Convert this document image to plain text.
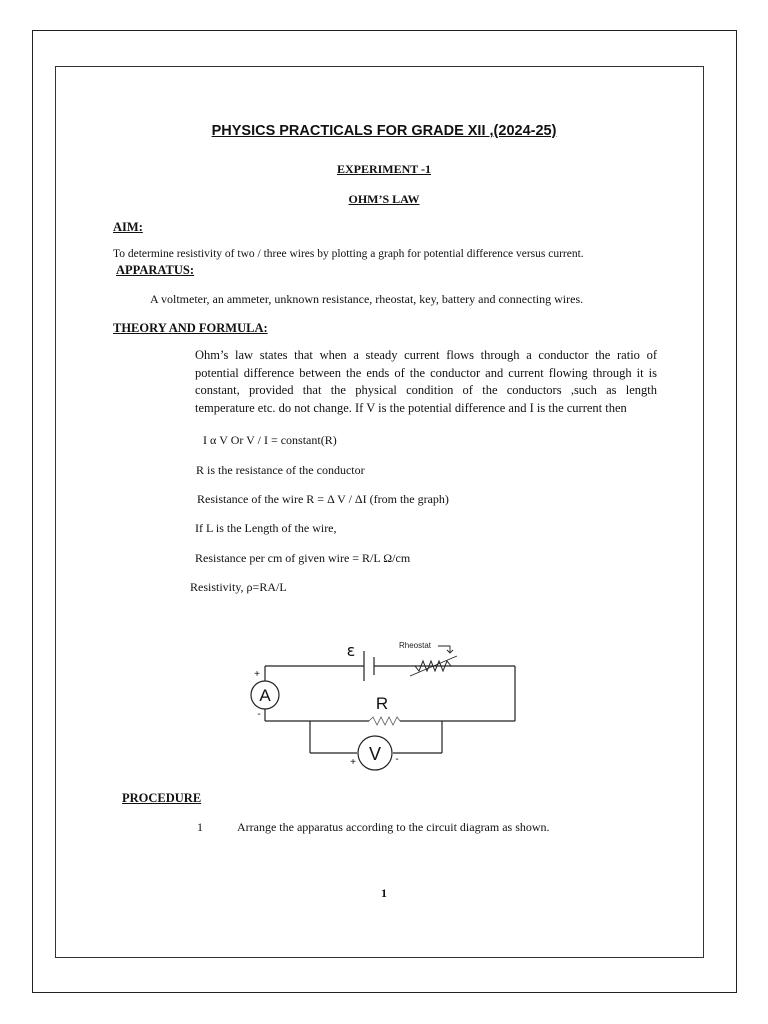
PHYSICS PRACTICALS FOR GRADE XII ,(2024-25)
EXPERIMENT -1
OHM’S LAW
AIM:
To determine resistivity of two / three wires by plotting a graph for potential difference versus current.
APPARATUS:
A voltmeter, an ammeter, unknown resistance, rheostat, key, battery and connecting wires.
THEORY AND FORMULA:
Ohm’s law states that when a steady current flows through a conductor the ratio of
potential difference between the ends of the conductor and current flowing through it is
constant, provided that the physical condition of the conductors ,such as length
temperature etc. do not change. If V is the potential difference and I is the current then
I α V Or V / I = constant(R)
R is the resistance of the conductor
Resistance of the wire R = Δ V / ΔI (from the graph)
If L is the Length of the wire,
Resistance per cm of given wire = R/L Ω/cm
Resistivity, ρ=RA/L
A
+
-
V
+	-
ε	Rheostat
R
PROCEDURE
1	Arrange the apparatus according to the circuit diagram as shown.
1
